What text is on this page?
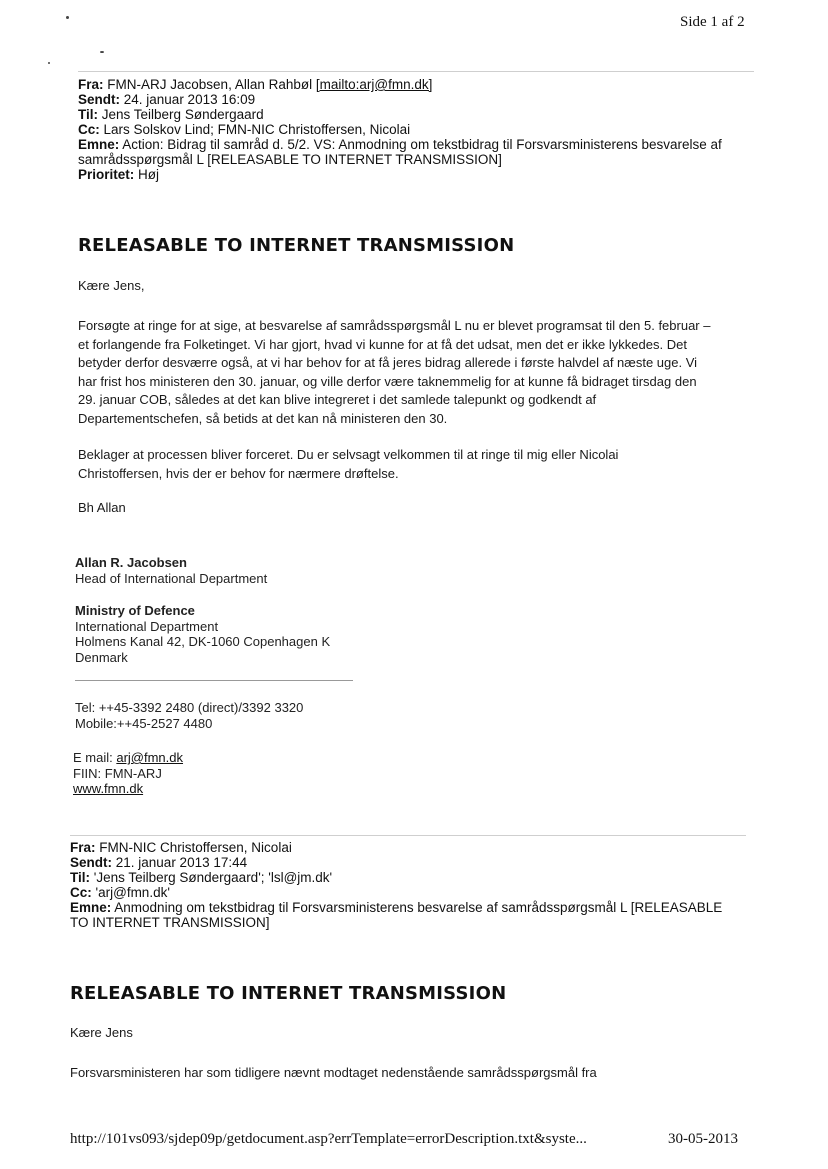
Side 1 af 2
Fra: FMN-ARJ Jacobsen, Allan Rahbøl [mailto:arj@fmn.dk]
Sendt: 24. januar 2013 16:09
Til: Jens Teilberg Søndergaard
Cc: Lars Solskov Lind; FMN-NIC Christoffersen, Nicolai
Emne: Action: Bidrag til samråd d. 5/2. VS: Anmodning om tekstbidrag til Forsvarsministerens besvarelse af
samrådsspørgsmål L [RELEASABLE TO INTERNET TRANSMISSION]
Prioritet: Høj
RELEASABLE TO INTERNET TRANSMISSION
Kære Jens,
Forsøgte at ringe for at sige, at besvarelse af samrådsspørgsmål L nu er blevet programsat til den 5. februar –
et forlangende fra Folketinget. Vi har gjort, hvad vi kunne for at få det udsat, men det er ikke lykkedes. Det
betyder derfor desværre også, at vi har behov for at få jeres bidrag allerede i første halvdel af næste uge. Vi
har frist hos ministeren den 30. januar, og ville derfor være taknemmelig for at kunne få bidraget tirsdag den
29. januar COB, således at det kan blive integreret i det samlede talepunkt og godkendt af
Departementschefen, så betids at det kan nå ministeren den 30.
Beklager at processen bliver forceret. Du er selvsagt velkommen til at ringe til mig eller Nicolai
Christoffersen, hvis der er behov for nærmere drøftelse.
Bh Allan
Allan R. Jacobsen
Head of International Department
Ministry of Defence
International Department
Holmens Kanal 42, DK-1060 Copenhagen K
Denmark
Tel: ++45-3392 2480 (direct)/3392 3320
Mobile:++45-2527 4480
E mail: arj@fmn.dk
FIIN: FMN-ARJ
www.fmn.dk
Fra: FMN-NIC Christoffersen, Nicolai
Sendt: 21. januar 2013 17:44
Til: 'Jens Teilberg Søndergaard'; 'lsl@jm.dk'
Cc: 'arj@fmn.dk'
Emne: Anmodning om tekstbidrag til Forsvarsministerens besvarelse af samrådsspørgsmål L [RELEASABLE
TO INTERNET TRANSMISSION]
RELEASABLE TO INTERNET TRANSMISSION
Kære Jens
Forsvarsministeren har som tidligere nævnt modtaget nedenstående samrådsspørgsmål fra
http://101vs093/sjdep09p/getdocument.asp?errTemplate=errorDescription.txt&syste...	30-05-2013
